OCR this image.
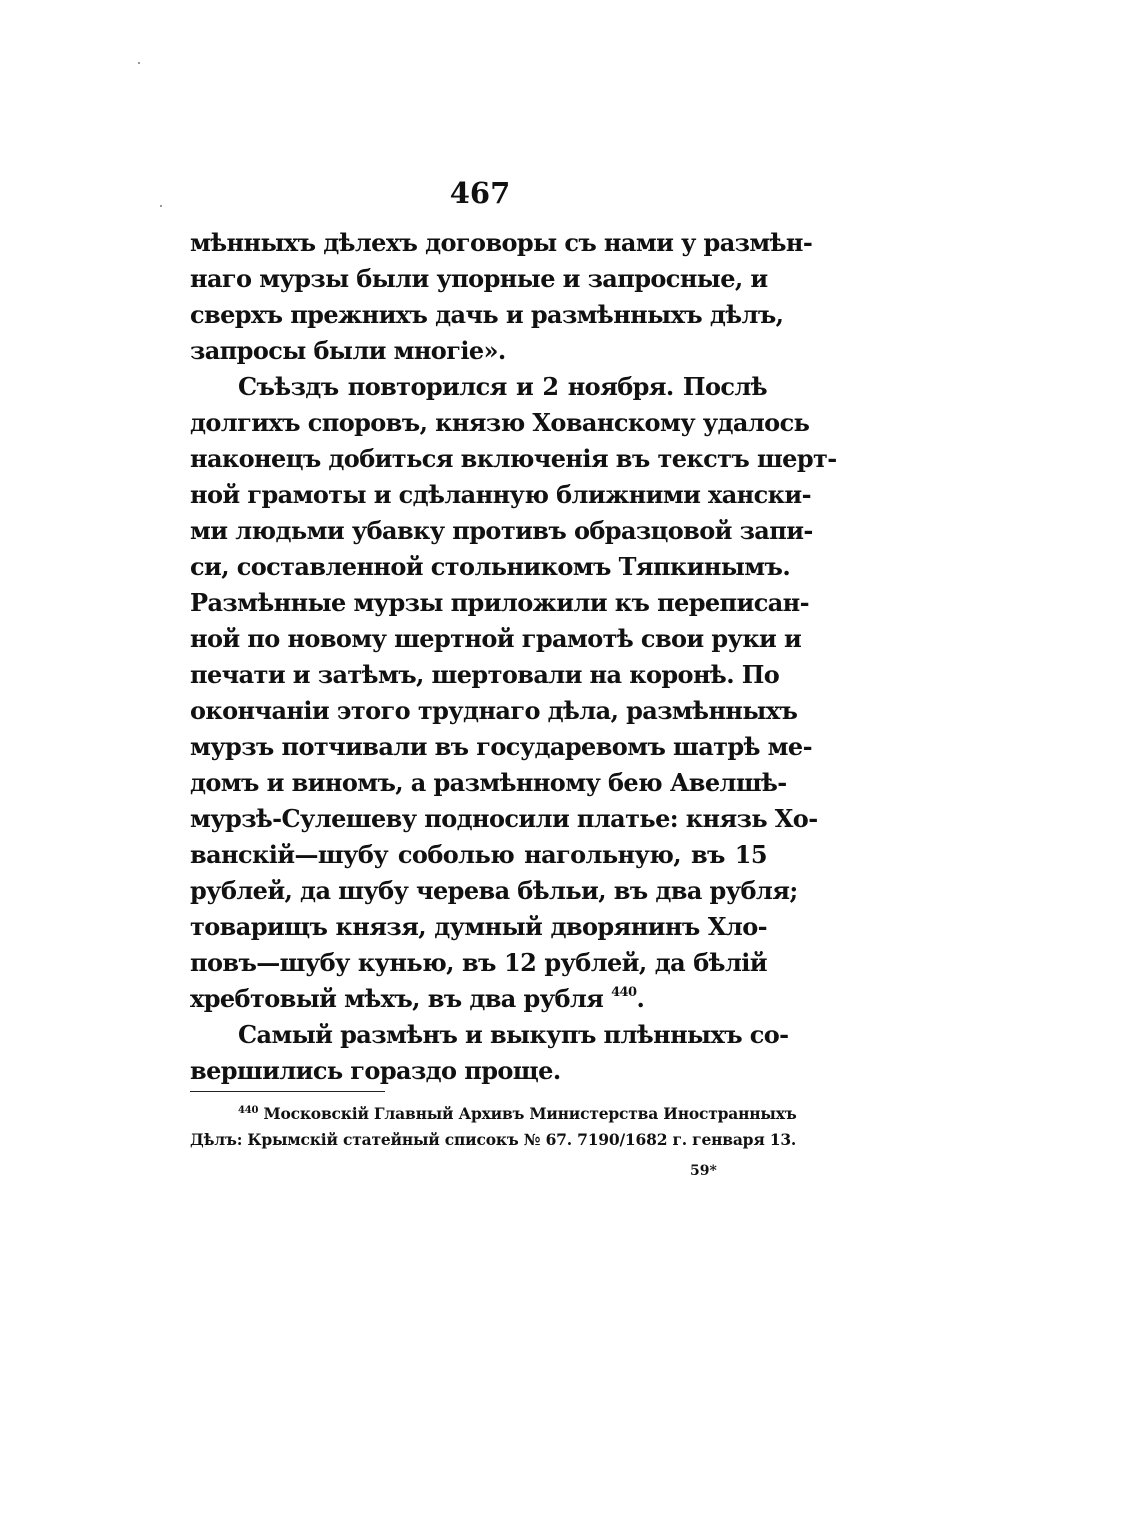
467
мѣнныхъ дѣлехъ договоры съ нами у размѣн-
наго мурзы были упорные и запросные, и
сверхъ прежнихъ дачь и размѣнныхъ дѣлъ,
запросы были многіе».
Съѣздъ повторился и 2 ноября. Послѣ
долгихъ споровъ, князю Хованскому удалось
наконецъ добиться включенія въ текстъ шерт-
ной грамоты и сдѣланную ближними хански-
ми людьми убавку противъ образцовой запи-
си, составленной стольникомъ Тяпкинымъ.
Размѣнные мурзы приложили къ переписан-
ной по новому шертной грамотѣ свои руки и
печати и затѣмъ, шертовали на коронѣ. По
окончаніи этого труднаго дѣла, размѣнныхъ
мурзъ потчивали въ государевомъ шатрѣ ме-
домъ и виномъ, а размѣнному бею Авелшѣ-
мурзѣ-Сулешеву подносили платье: князь Хо-
ванскій—шубу соболью нагольную, въ 15
рублей, да шубу черева бѣльи, въ два рубля;
товарищъ князя, думный дворянинъ Хло-
повъ—шубу кунью, въ 12 рублей, да бѣлій
хребтовый мѣхъ, въ два рубля $^{440}$.
Самый размѣнъ и выкупъ плѣнныхъ со-
вершились гораздо проще.
$^{440}$ Московскій Главный Архивъ Министерства Иностранныхъ
Дѣлъ: Крымскій статейный списокъ № 67. 7190/1682 г. генваря 13.
59*
